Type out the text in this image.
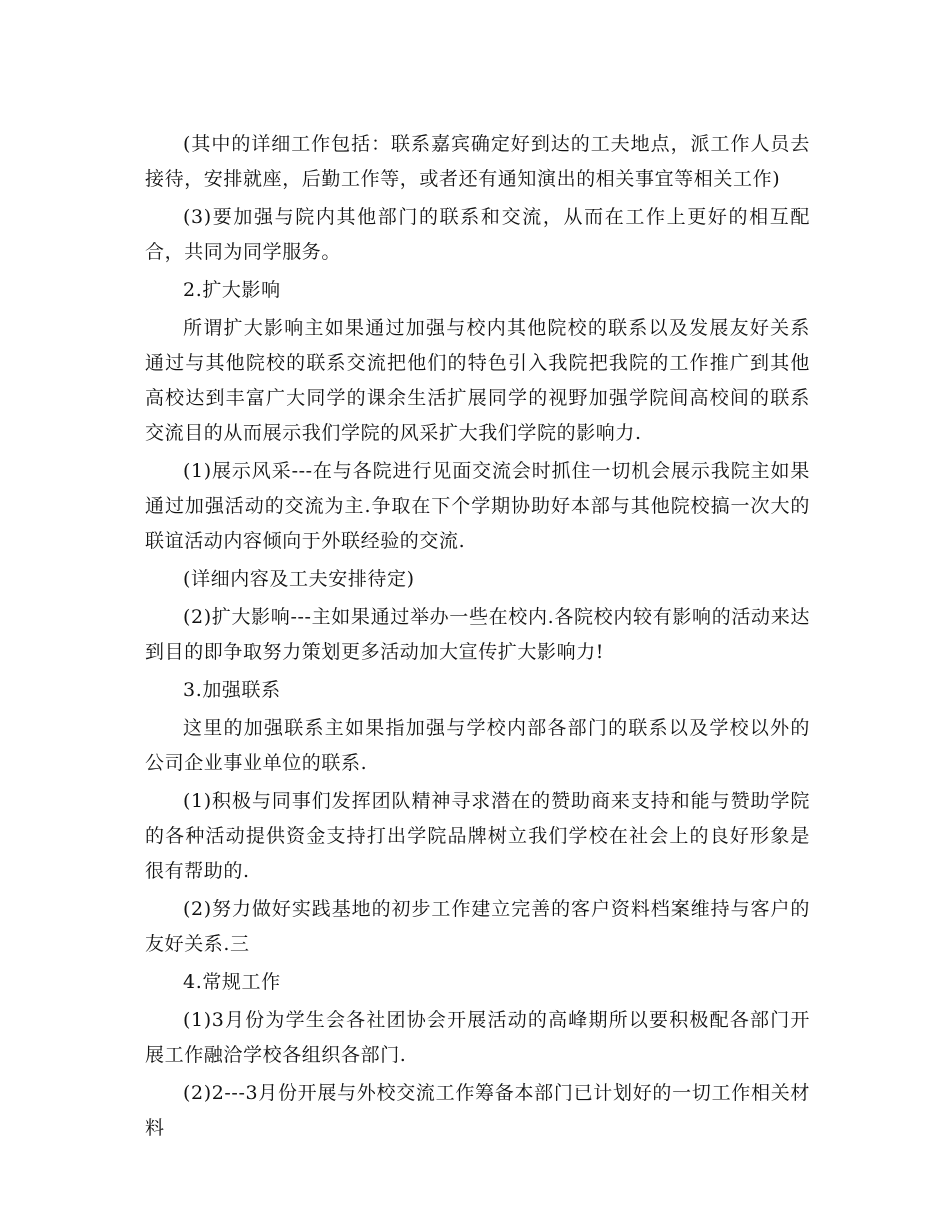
(其中的详细工作包括：联系嘉宾确定好到达的工夫地点，派工作人员去接待，安排就座，后勤工作等，或者还有通知演出的相关事宜等相关工作)

(3)要加强与院内其他部门的联系和交流，从而在工作上更好的相互配合，共同为同学服务。

2.扩大影响

所谓扩大影响主如果通过加强与校内其他院校的联系以及发展友好关系通过与其他院校的联系交流把他们的特色引入我院把我院的工作推广到其他高校达到丰富广大同学的课余生活扩展同学的视野加强学院间高校间的联系交流目的从而展示我们学院的风采扩大我们学院的影响力.

(1)展示风采---在与各院进行见面交流会时抓住一切机会展示我院主如果通过加强活动的交流为主.争取在下个学期协助好本部与其他院校搞一次大的联谊活动内容倾向于外联经验的交流.

(详细内容及工夫安排待定)

(2)扩大影响---主如果通过举办一些在校内.各院校内较有影响的活动来达到目的即争取努力策划更多活动加大宣传扩大影响力!

3.加强联系

这里的加强联系主如果指加强与学校内部各部门的联系以及学校以外的公司企业事业单位的联系.

(1)积极与同事们发挥团队精神寻求潜在的赞助商来支持和能与赞助学院的各种活动提供资金支持打出学院品牌树立我们学校在社会上的良好形象是很有帮助的.

(2)努力做好实践基地的初步工作建立完善的客户资料档案维持与客户的友好关系.三

4.常规工作

(1)3月份为学生会各社团协会开展活动的高峰期所以要积极配各部门开展工作融洽学校各组织各部门.

(2)2---3月份开展与外校交流工作筹备本部门已计划好的一切工作相关材料
